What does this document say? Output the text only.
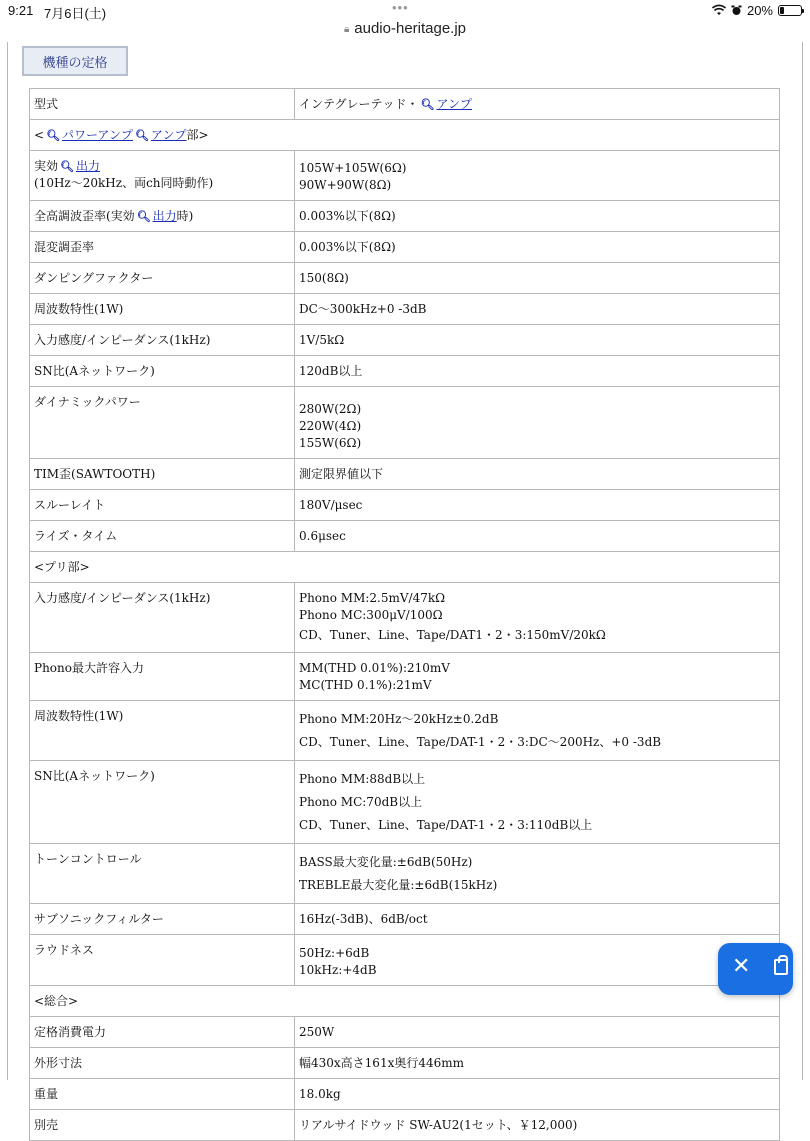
9:21 7月6日(土)	•••	20%
🔒︎ audio-heritage.jp
機種の定格
型式	インテグレーテッド・ 🔍︎ アンプ
< 🔍︎ パワーアンプ 🔍︎ アンプ部>	
実効 🔍︎ 出力
(10Hz～20kHz、両ch同時動作)	105W+105W(6Ω)
90W+90W(8Ω)
全高調波歪率(実効 🔍︎ 出力時)	0.003%以下(8Ω)
混変調歪率	0.003%以下(8Ω)
ダンピングファクター	150(8Ω)
周波数特性(1W)	DC～300kHz+0 -3dB
入力感度/インピーダンス(1kHz)	1V/5kΩ
SN比(Aネットワーク)	120dB以上
ダイナミックパワー	280W(2Ω)
220W(4Ω)
155W(6Ω)
TIM歪(SAWTOOTH)	測定限界値以下
スルーレイト	180V/μsec
ライズ・タイム	0.6μsec
<プリ部>	
入力感度/インピーダンス(1kHz)	Phono MM:2.5mV/47kΩ
Phono MC:300μV/100Ω
CD、Tuner、Line、Tape/DAT1・2・3:150mV/20kΩ
Phono最大許容入力	MM(THD 0.01%):210mV
MC(THD 0.1%):21mV
周波数特性(1W)	Phono MM:20Hz～20kHz±0.2dB
CD、Tuner、Line、Tape/DAT-1・2・3:DC～200Hz、+0 -3dB
SN比(Aネットワーク)	Phono MM:88dB以上
Phono MC:70dB以上
CD、Tuner、Line、Tape/DAT-1・2・3:110dB以上
トーンコントロール	BASS最大変化量:±6dB(50Hz)
TREBLE最大変化量:±6dB(15kHz)
サブソニックフィルター	16Hz(-3dB)、6dB/oct
ラウドネス	50Hz:+6dB
10kHz:+4dB
<総合>	
定格消費電力	250W
外形寸法	幅430x高さ161x奥行446mm
重量	18.0kg
別売	リアルサイドウッド SW-AU2(1セット、￥12,000)
✕
